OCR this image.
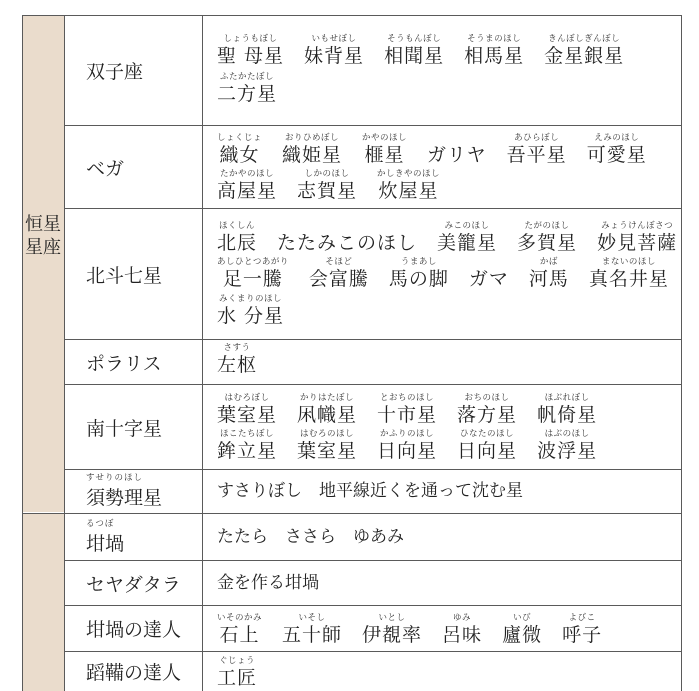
恒星
星座
双子座
しょうもぼし
聖 母星
いもせぼし
妹背星
そうもんぼし
相聞星
そうまのほし
相馬星
きんぼしぎんぼし
金星銀星
ふたかたぼし
二方星
ベガ
しょくじょ
織女
おりひめぼし
織姫星
かやのほし
榧星 ガリヤ
あひらぼし
吾平星
えみのほし
可愛星
たかやのほし
高屋星
しかのほし
志賀星
かしきやのほし
炊屋星
北斗七星
ほくしん
北辰 たたみこのほし
みこのほし
美籠星
たがのほし
多賀星
みょうけんぼさつ
妙見菩薩
あしひとつあがり
足一騰
そほど
会富騰
うまあし
馬の脚 ガマ
かば
河馬
まないのほし
真名井星
みくまりのほし
水 分星
ポラリス
さすう
左枢
南十字星
はむろぼし
葉室星
かりはたぼし
凩幟星
とおちのほし
十市星
おちのほし
落方星
ほぶれぼし
帆倚星
ほこたちぼし
鉾立星
はむろのほし
葉室星
かふりのほし
日向星
ひなたのほし
日向星
はぶのほし
波浮星
すせりのほし
須勢理星	すさりぼし　地平線近くを通って沈む星
るつぼ
坩堝	たたら　ささら　ゆあみ
セヤダタラ 金を作る坩堝
坩堝の達人
いそのかみ
石上
いそし
五十師
いとし
伊覩率
ゆみ
呂味
いび
廬微
よびこ
呼子
蹈鞴の達人
ぐじょう
工匠
